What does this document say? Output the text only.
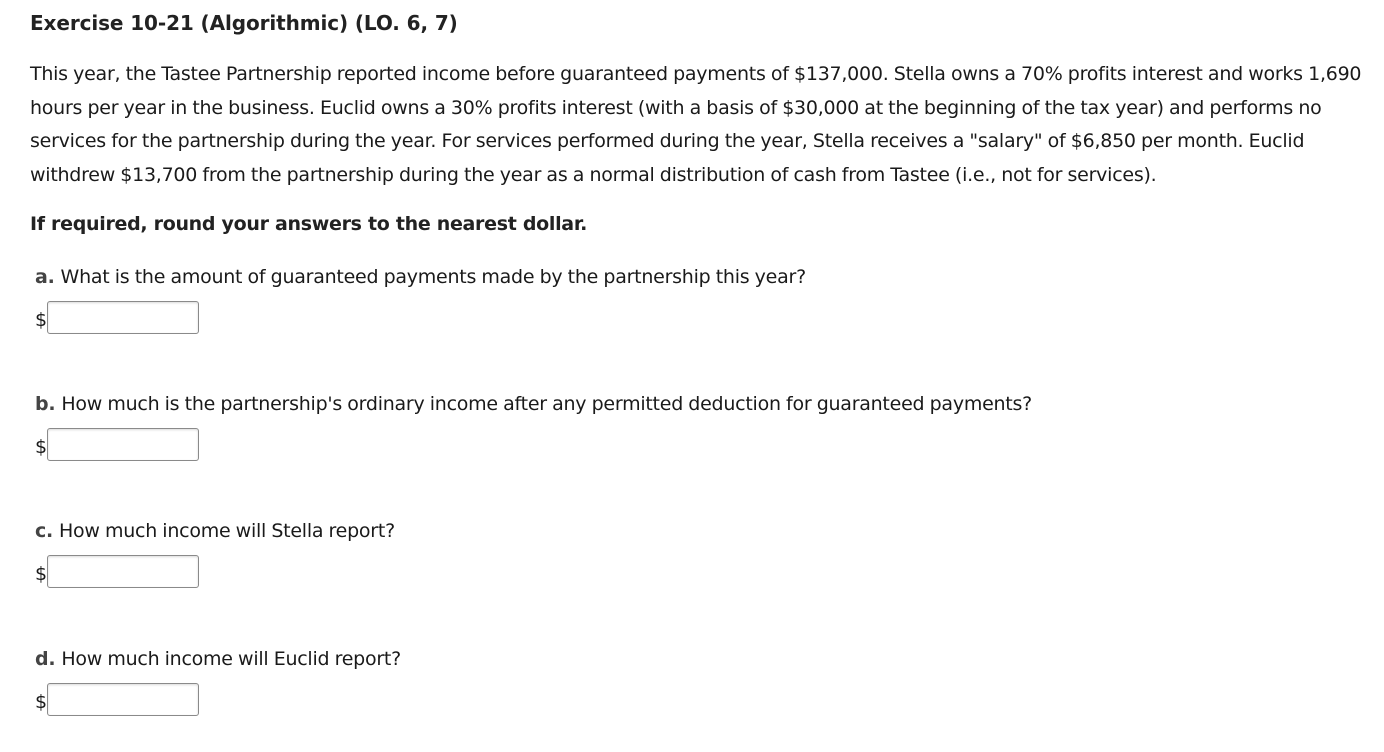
Exercise 10-21 (Algorithmic) (LO. 6, 7)
This year, the Tastee Partnership reported income before guaranteed payments of $137,000. Stella owns a 70% profits interest and works 1,690 hours per year in the business. Euclid owns a 30% profits interest (with a basis of $30,000 at the beginning of the tax year) and performs no services for the partnership during the year. For services performed during the year, Stella receives a "salary" of $6,850 per month. Euclid withdrew $13,700 from the partnership during the year as a normal distribution of cash from Tastee (i.e., not for services).
If required, round your answers to the nearest dollar.
a. What is the amount of guaranteed payments made by the partnership this year?
$
b. How much is the partnership's ordinary income after any permitted deduction for guaranteed payments?
$
c. How much income will Stella report?
$
d. How much income will Euclid report?
$
